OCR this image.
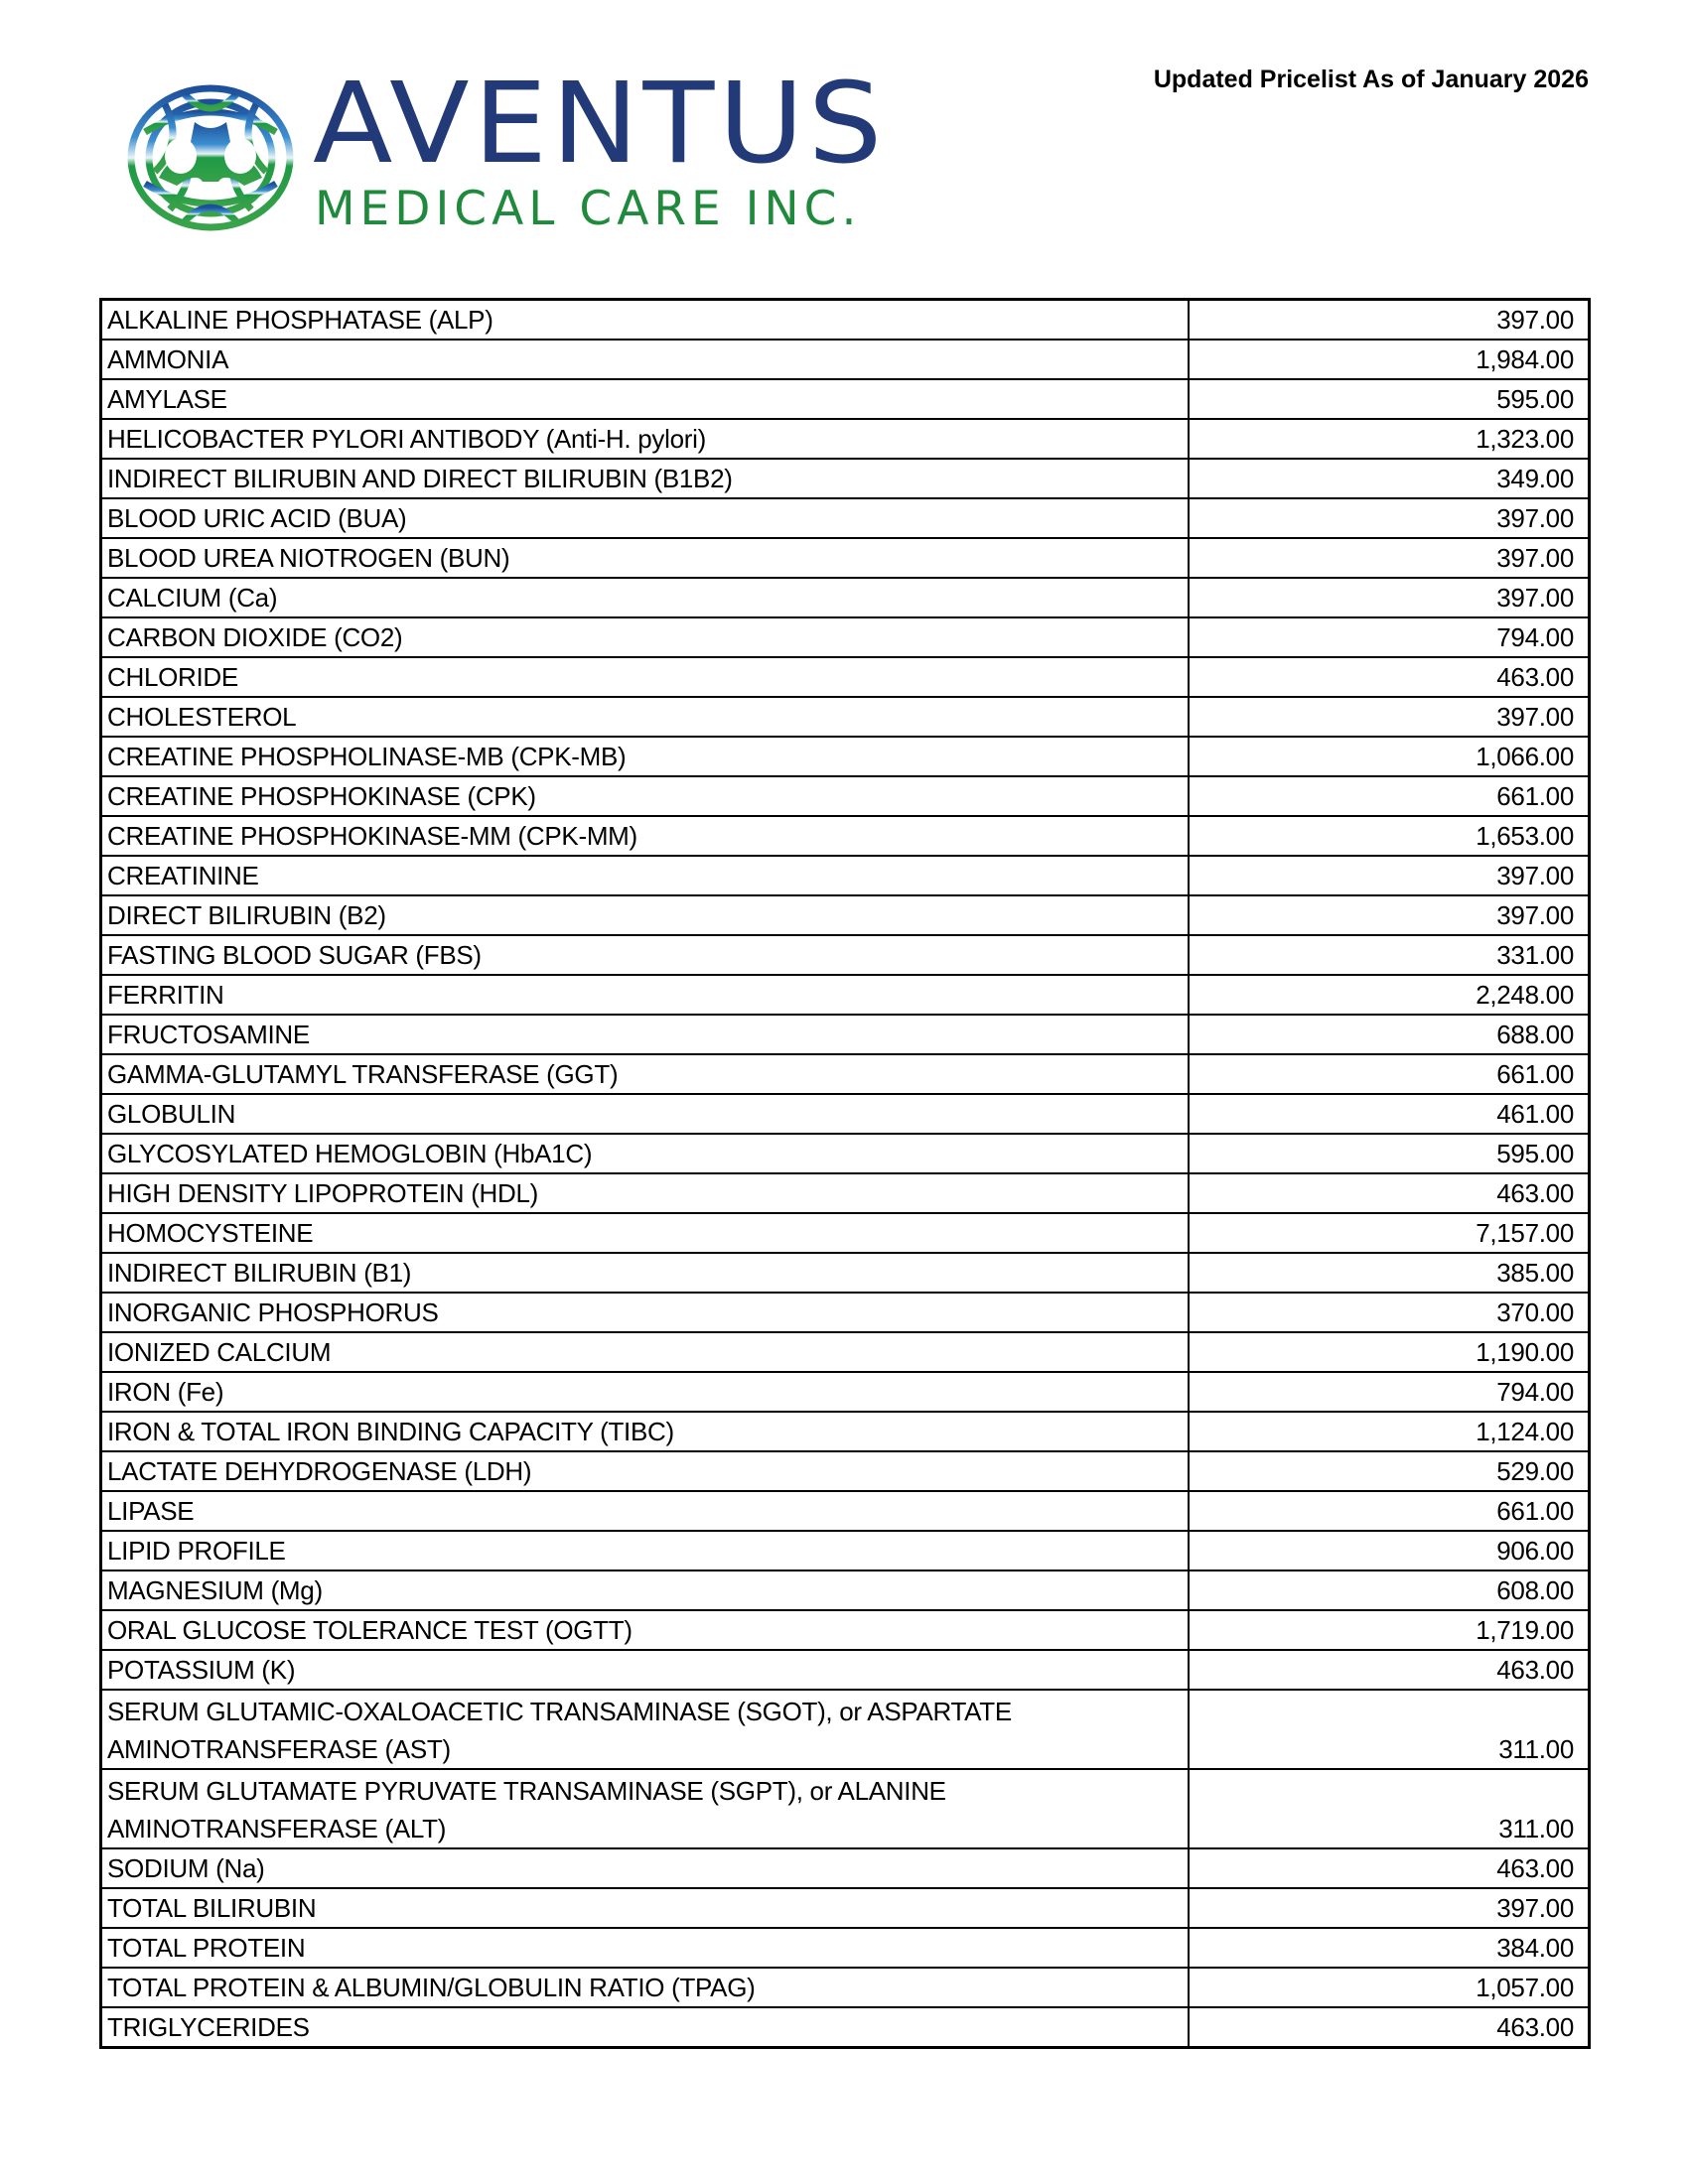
AVENTUS
MEDICAL CARE INC.
Updated Pricelist As of January 2026
ALKALINE PHOSPHATASE (ALP)	397.00
AMMONIA	1,984.00
AMYLASE	595.00
HELICOBACTER PYLORI ANTIBODY (Anti-H. pylori)	1,323.00
INDIRECT BILIRUBIN AND DIRECT BILIRUBIN (B1B2)	349.00
BLOOD URIC ACID (BUA)	397.00
BLOOD UREA NIOTROGEN (BUN)	397.00
CALCIUM (Ca)	397.00
CARBON DIOXIDE (CO2)	794.00
CHLORIDE	463.00
CHOLESTEROL	397.00
CREATINE PHOSPHOLINASE-MB (CPK-MB)	1,066.00
CREATINE PHOSPHOKINASE (CPK)	661.00
CREATINE PHOSPHOKINASE-MM (CPK-MM)	1,653.00
CREATININE	397.00
DIRECT BILIRUBIN (B2)	397.00
FASTING BLOOD SUGAR (FBS)	331.00
FERRITIN	2,248.00
FRUCTOSAMINE	688.00
GAMMA-GLUTAMYL TRANSFERASE (GGT)	661.00
GLOBULIN	461.00
GLYCOSYLATED HEMOGLOBIN (HbA1C)	595.00
HIGH DENSITY LIPOPROTEIN (HDL)	463.00
HOMOCYSTEINE	7,157.00
INDIRECT BILIRUBIN (B1)	385.00
INORGANIC PHOSPHORUS	370.00
IONIZED CALCIUM	1,190.00
IRON (Fe)	794.00
IRON & TOTAL IRON BINDING CAPACITY (TIBC)	1,124.00
LACTATE DEHYDROGENASE (LDH)	529.00
LIPASE	661.00
LIPID PROFILE	906.00
MAGNESIUM (Mg)	608.00
ORAL GLUCOSE TOLERANCE TEST (OGTT)	1,719.00
POTASSIUM (K)	463.00

SERUM GLUTAMIC-OXALOACETIC TRANSAMINASE (SGOT), or ASPARTATE
AMINOTRANSFERASE (AST)	311.00

SERUM GLUTAMATE PYRUVATE TRANSAMINASE (SGPT), or ALANINE
AMINOTRANSFERASE (ALT)	311.00
SODIUM (Na)	463.00
TOTAL BILIRUBIN	397.00
TOTAL PROTEIN	384.00
TOTAL PROTEIN & ALBUMIN/GLOBULIN RATIO (TPAG)	1,057.00
TRIGLYCERIDES	463.00
